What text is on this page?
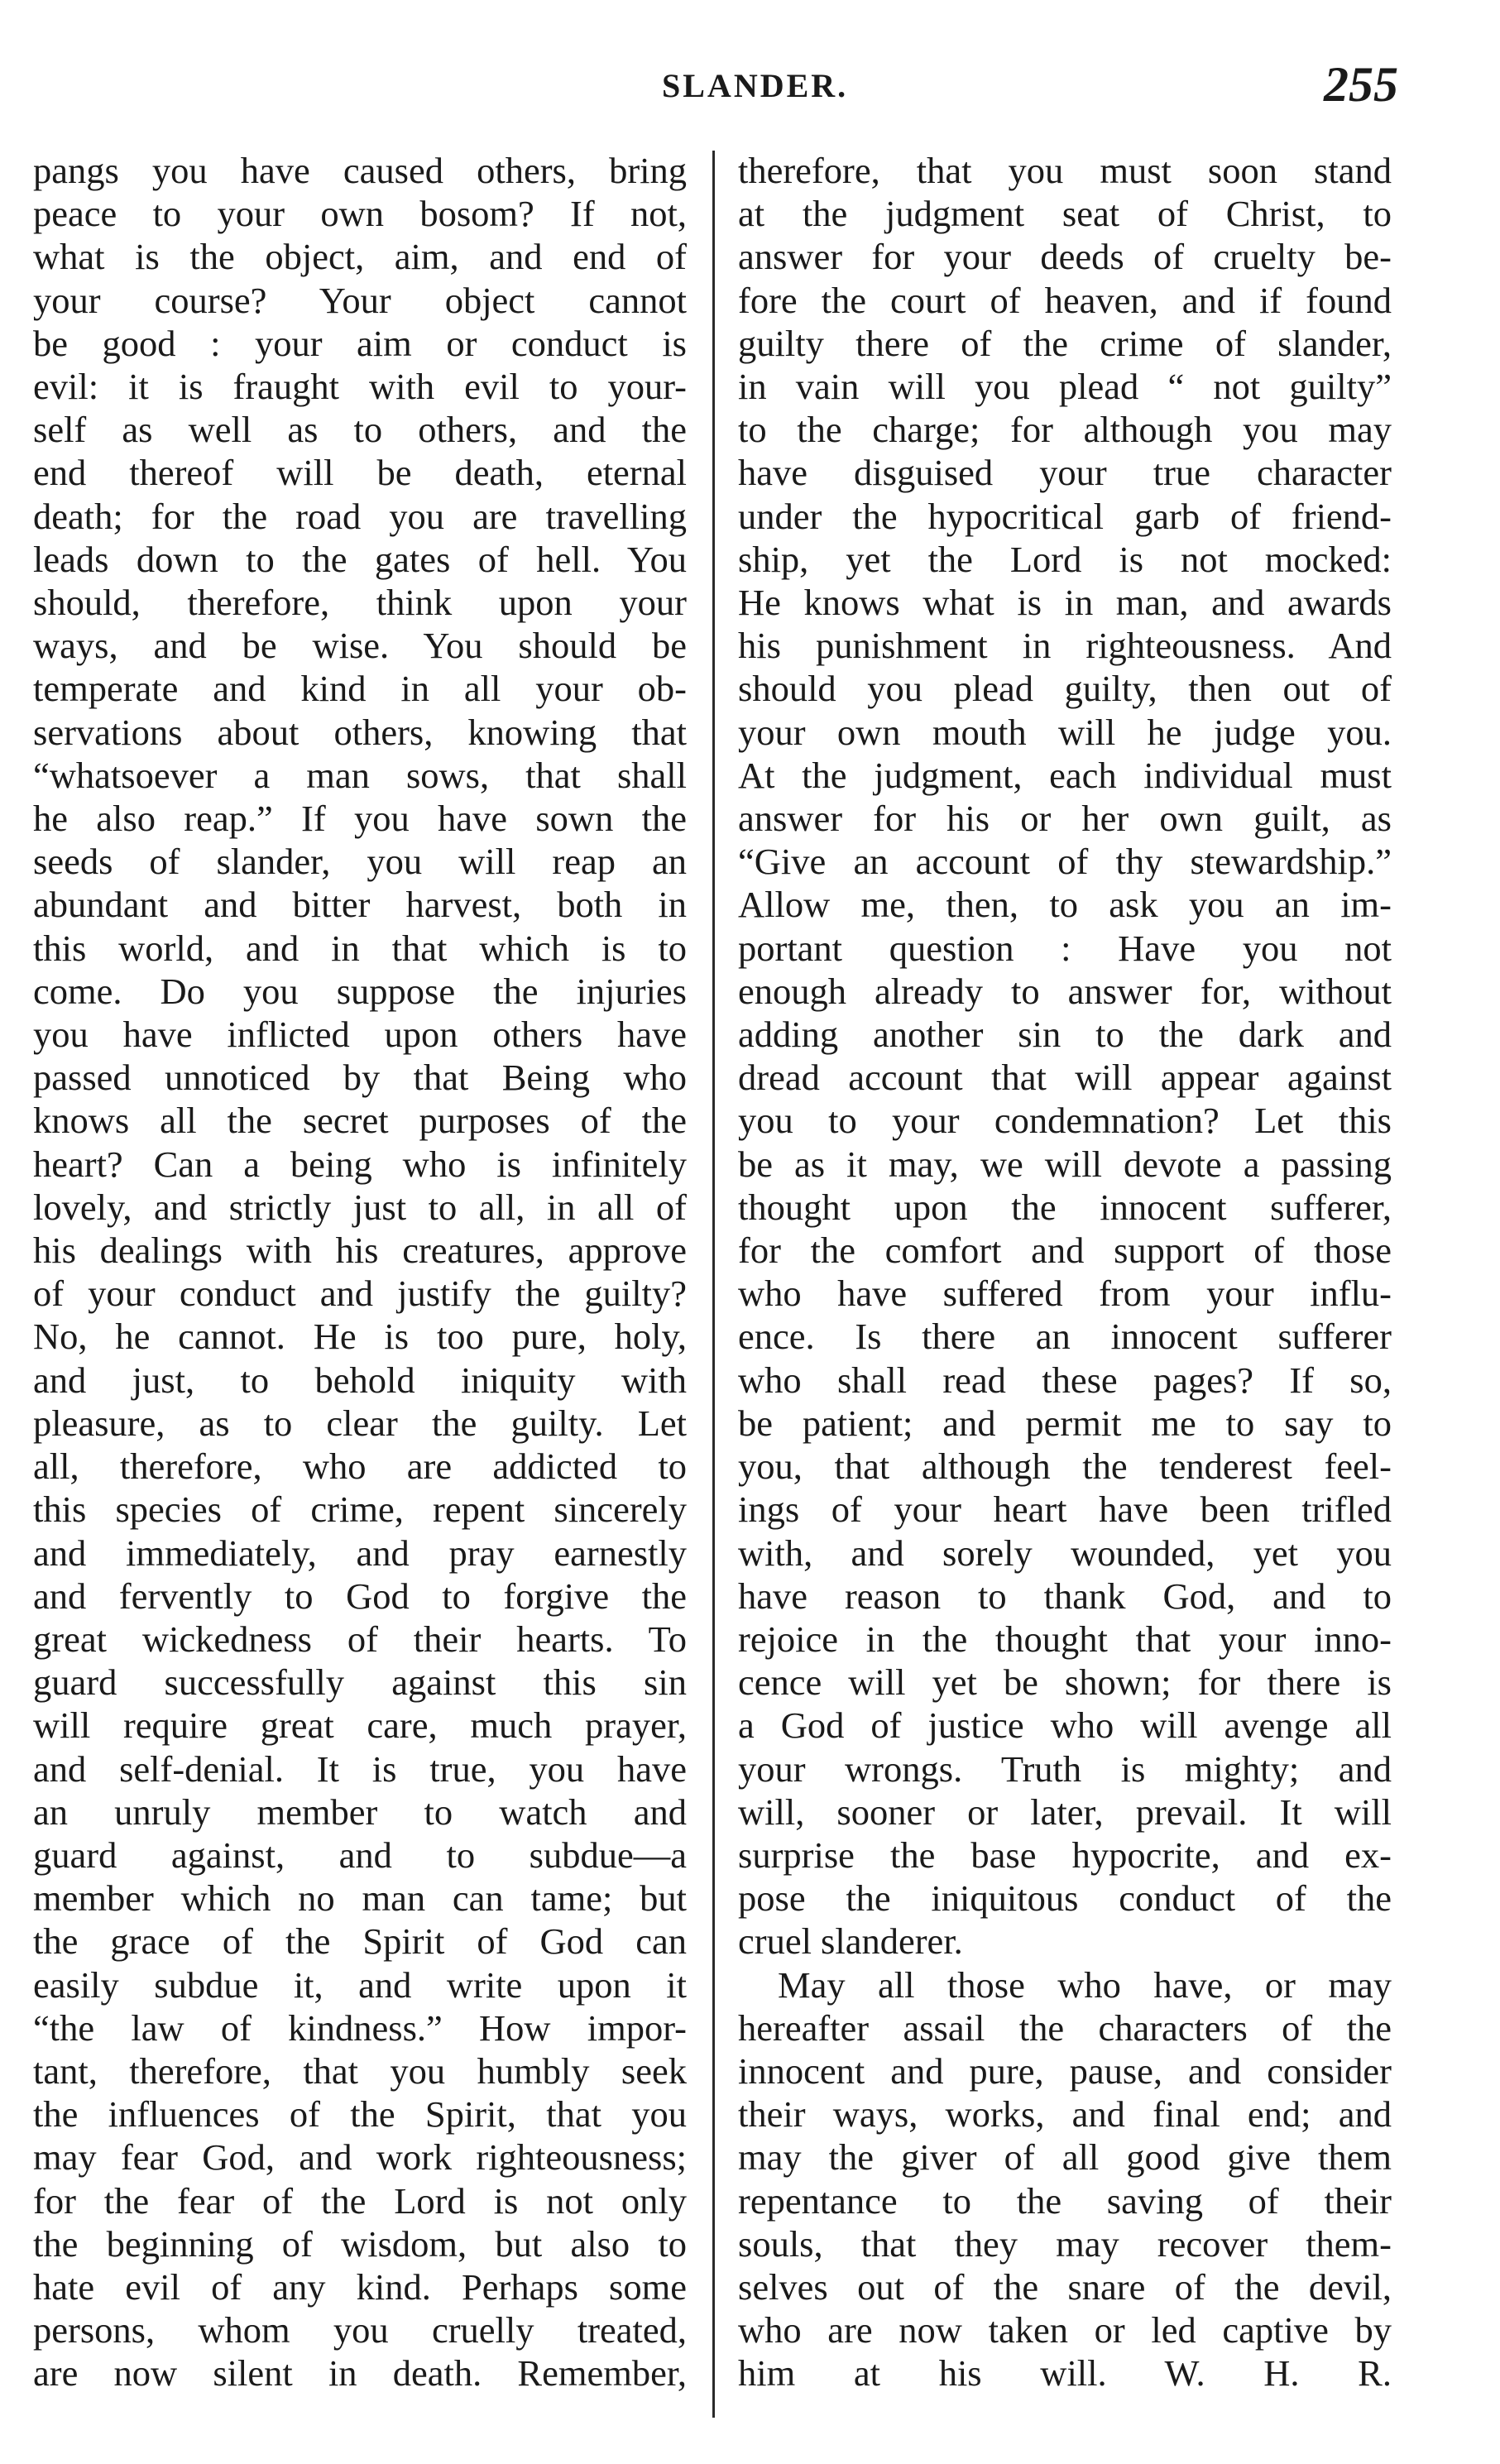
SLANDER.	255
pangs you have caused others, bring
peace to your own bosom? If not,
what is the object, aim, and end of
your course? Your object cannot
be good : your aim or conduct is
evil: it is fraught with evil to your-
self as well as to others, and the
end thereof will be death, eternal
death; for the road you are travelling
leads down to the gates of hell. You
should, therefore, think upon your
ways, and be wise. You should be
temperate and kind in all your ob-
servations about others, knowing that
“whatsoever a man sows, that shall
he also reap.” If you have sown the
seeds of slander, you will reap an
abundant and bitter harvest, both in
this world, and in that which is to
come. Do you suppose the injuries
you have inflicted upon others have
passed unnoticed by that Being who
knows all the secret purposes of the
heart? Can a being who is infinitely
lovely, and strictly just to all, in all of
his dealings with his creatures, approve
of your conduct and justify the guilty?
No, he cannot. He is too pure, holy,
and just, to behold iniquity with
pleasure, as to clear the guilty. Let
all, therefore, who are addicted to
this species of crime, repent sincerely
and immediately, and pray earnestly
and fervently to God to forgive the
great wickedness of their hearts. To
guard successfully against this sin
will require great care, much prayer,
and self-denial. It is true, you have
an unruly member to watch and
guard against, and to subdue—a
member which no man can tame; but
the grace of the Spirit of God can
easily subdue it, and write upon it
“the law of kindness.” How impor-
tant, therefore, that you humbly seek
the influences of the Spirit, that you
may fear God, and work righteousness;
for the fear of the Lord is not only
the beginning of wisdom, but also to
hate evil of any kind. Perhaps some
persons, whom you cruelly treated,
are now silent in death. Remember,
therefore, that you must soon stand
at the judgment seat of Christ, to
answer for your deeds of cruelty be-
fore the court of heaven, and if found
guilty there of the crime of slander,
in vain will you plead “ not guilty”
to the charge; for although you may
have disguised your true character
under the hypocritical garb of friend-
ship, yet the Lord is not mocked:
He knows what is in man, and awards
his punishment in righteousness. And
should you plead guilty, then out of
your own mouth will he judge you.
At the judgment, each individual must
answer for his or her own guilt, as
“Give an account of thy stewardship.”
Allow me, then, to ask you an im-
portant question : Have you not
enough already to answer for, without
adding another sin to the dark and
dread account that will appear against
you to your condemnation? Let this
be as it may, we will devote a passing
thought upon the innocent sufferer,
for the comfort and support of those
who have suffered from your influ-
ence. Is there an innocent sufferer
who shall read these pages? If so,
be patient; and permit me to say to
you, that although the tenderest feel-
ings of your heart have been trifled
with, and sorely wounded, yet you
have reason to thank God, and to
rejoice in the thought that your inno-
cence will yet be shown; for there is
a God of justice who will avenge all
your wrongs. Truth is mighty; and
will, sooner or later, prevail. It will
surprise the base hypocrite, and ex-
pose the iniquitous conduct of the
cruel slanderer.
May all those who have, or may
hereafter assail the characters of the
innocent and pure, pause, and consider
their ways, works, and final end; and
may the giver of all good give them
repentance to the saving of their
souls, that they may recover them-
selves out of the snare of the devil,
who are now taken or led captive by
him at his will. W. H. R.
